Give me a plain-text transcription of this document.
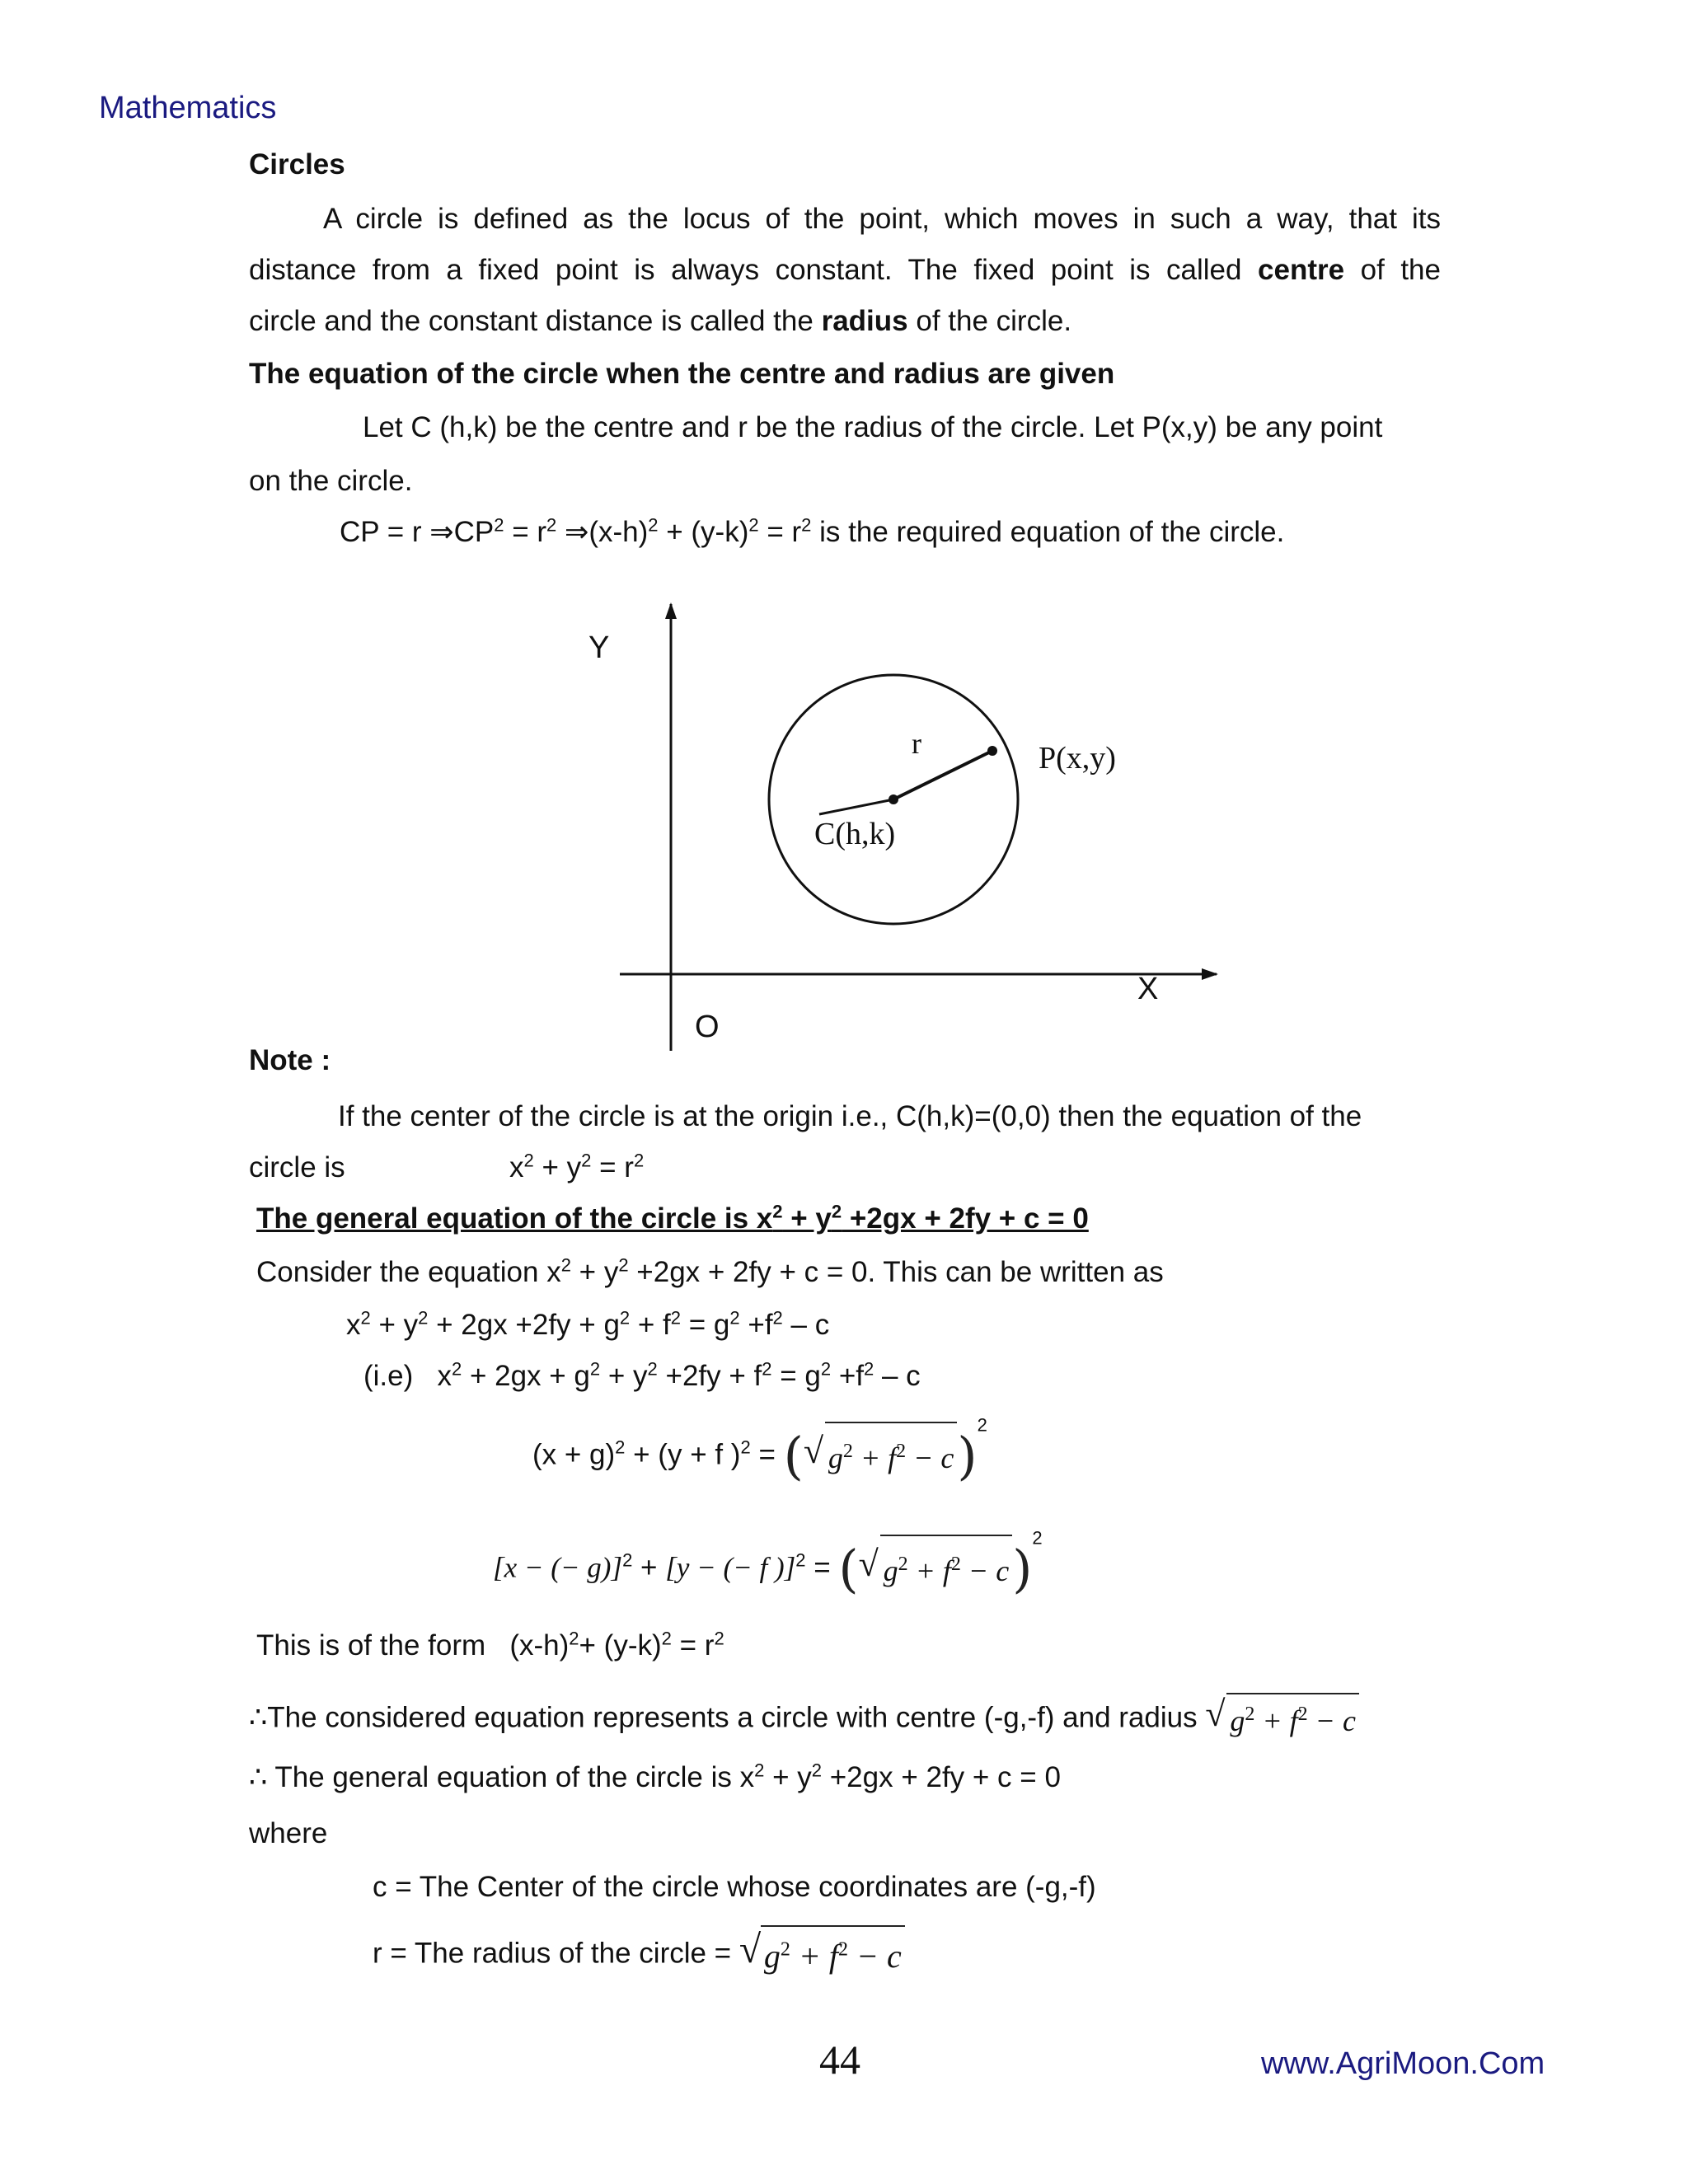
Mathematics
Circles
A circle is defined as the locus of the point, which moves in such a way, that its
distance from a fixed point is always constant. The fixed point is called centre of the
circle and the constant distance is called the radius of the circle.
The equation of the circle when the centre and radius are given
Let C (h,k) be the centre and r be the radius of the circle. Let P(x,y) be any point
on the circle.
CP = r $\Rightarrow CP^2 = r^2$ $\Rightarrow(x-h)^2 + (y-k)^2 = r^2$ is the required equation of the circle.
Y
X
O
r	P(x,y)
C(h,k)
Note :
If the center of the circle is at the origin i.e., C(h,k)=(0,0) then the equation of the
circle is	$x^2 + y^2 = r^2$
The general equation of the circle is $x^2 + y^2 +2gx + 2fy + c = 0$
Consider the equation $x^2 + y^2 +2gx + 2fy + c = 0$. This can be written as
$x^2 + y^2 + 2gx +2fy + g^2 + f^2 = g^2 +f^2 - c$
(i.e) $x^2 + 2gx + g^2 + y^2 +2fy + f^2 = g^2 +f^2 - c$
$(x + g)^2 + (y + f$ )$^2$ = ( √ $g^2 + f^2 - c)^2$
[x − (− g)]$^2$ + [y − (− f )]$^2$ = ( √ $g^2 + f^2 - c)^2$
This is of the form $(x-h)^2+ (y-k)^2 = r^2$
∴The considered equation represents a circle with centre (-g,-f) and radius √ $g^2 + f^2 - c$
∴ The general equation of the circle is $x^2 + y^2 +2gx + 2fy + c = 0$
where
c = The Center of the circle whose coordinates are (-g,-f)
r = The radius of the circle = √ $g^2 + f^2 - c$
44	www.AgriMoon.Com
